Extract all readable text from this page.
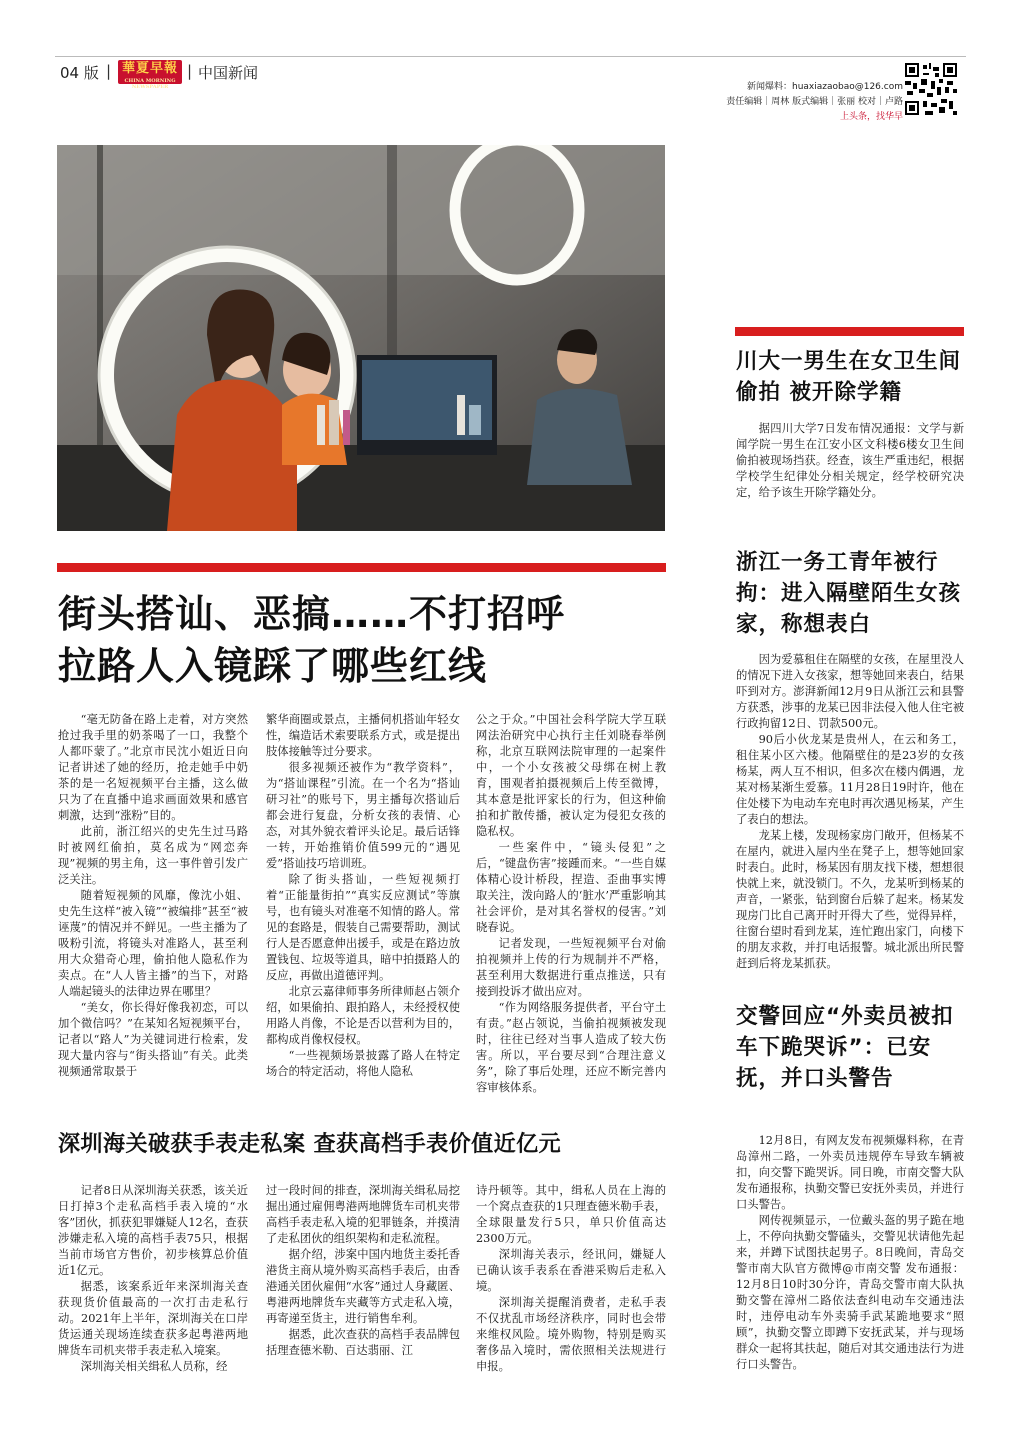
04 版 | 華夏早報
CHINA MORNING NEWSPAPER
| 中国新闻
新闻爆料：huaxiazaobao@126.com
责任编辑｜周林 版式编辑｜张丽 校对｜卢路
上头条，找华早
街头搭讪、恶搞……不打招呼
拉路人入镜踩了哪些红线

“毫无防备在路上走着，对方突然抢过我手里的奶茶喝了一口，我整个人都吓蒙了。”北京市民沈小姐近日向记者讲述了她的经历，抢走她手中奶茶的是一名短视频平台主播，这么做只为了在直播中追求画面效果和感官刺激，达到“涨粉”目的。

此前，浙江绍兴的史先生过马路时被网红偷拍，莫名成为“网恋奔现”视频的男主角，这一事件曾引发广泛关注。

随着短视频的风靡，像沈小姐、史先生这样“被入镜”“被编排”甚至“被诬蔑”的情况并不鲜见。一些主播为了吸粉引流，将镜头对准路人，甚至利用大众猎奇心理，偷拍他人隐私作为卖点。在“人人皆主播”的当下，对路人端起镜头的法律边界在哪里？

“美女，你长得好像我初恋，可以加个微信吗？”在某知名短视频平台，记者以“路人”为关键词进行检索，发现大量内容与“街头搭讪”有关。此类视频通常取景于

繁华商圈或景点，主播伺机搭讪年轻女性，编造话术索要联系方式，或是提出肢体接触等过分要求。

很多视频还被作为“教学资料”，为“搭讪课程”引流。在一个名为“搭讪研习社”的账号下，男主播每次搭讪后都会进行复盘，分析女孩的表情、心态，对其外貌衣着评头论足。最后话锋一转，开始推销价值599元的“遇见爱”搭讪技巧培训班。

除了街头搭讪，一些短视频打着“正能量街拍”“真实反应测试”等旗号，也有镜头对准毫不知情的路人。常见的套路是，假装自己需要帮助，测试行人是否愿意伸出援手，或是在路边放置钱包、垃圾等道具，暗中拍摄路人的反应，再做出道德评判。

北京云嘉律师事务所律师赵占领介绍，如果偷拍、跟拍路人，未经授权使用路人肖像，不论是否以营利为目的，都构成肖像权侵权。

“一些视频场景披露了路人在特定场合的特定活动，将他人隐私

公之于众。”中国社会科学院大学互联网法治研究中心执行主任刘晓春举例称，北京互联网法院审理的一起案件中，一个小女孩被父母绑在树上教育，围观者拍摄视频后上传至微博，其本意是批评家长的行为，但这种偷拍和扩散传播，被认定为侵犯女孩的隐私权。

一些案件中，“镜头侵犯”之后，“键盘伤害”接踵而来。“一些自媒体精心设计桥段，捏造、歪曲事实博取关注，泼向路人的‘脏水’严重影响其社会评价，是对其名誉权的侵害。”刘晓春说。

记者发现，一些短视频平台对偷拍视频并上传的行为规制并不严格，甚至利用大数据进行重点推送，只有接到投诉才做出应对。

“作为网络服务提供者，平台守土有责。”赵占领说，当偷拍视频被发现时，往往已经对当事人造成了较大伤害。所以，平台要尽到“合理注意义务”，除了事后处理，还应不断完善内容审核体系。

深圳海关破获手表走私案 查获高档手表价值近亿元

记者8日从深圳海关获悉，该关近日打掉3个走私高档手表入境的“水客”团伙，抓获犯罪嫌疑人12名，查获涉嫌走私入境的高档手表75只，根据当前市场官方售价，初步核算总价值近1亿元。

据悉，该案系近年来深圳海关查获现货价值最高的一次打击走私行动。2021年上半年，深圳海关在口岸货运通关现场连续查获多起粤港两地牌货车司机夹带手表走私入境案。

深圳海关相关缉私人员称，经

过一段时间的排查，深圳海关缉私局挖掘出通过雇佣粤港两地牌货车司机夹带高档手表走私入境的犯罪链条，并摸清了走私团伙的组织架构和走私流程。

据介绍，涉案中国内地货主委托香港货主商从境外购买高档手表后，由香港通关团伙雇佣“水客”通过人身藏匿、粤港两地牌货车夹藏等方式走私入境，再寄递至货主，进行销售牟利。

据悉，此次查获的高档手表品牌包括理查德米勒、百达翡丽、江

诗丹顿等。其中，缉私人员在上海的一个窝点查获的1只理查德米勒手表，全球限量发行5只，单只价值高达2300万元。

深圳海关表示，经讯问，嫌疑人已确认该手表系在香港采购后走私入境。

深圳海关提醒消费者，走私手表不仅扰乱市场经济秩序，同时也会带来维权风险。境外购物，特别是购买奢侈品入境时，需依照相关法规进行申报。

川大一男生在女卫生间偷拍 被开除学籍

据四川大学7日发布情况通报：文学与新闻学院一男生在江安小区文科楼6楼女卫生间偷拍被现场挡获。经查，该生严重违纪，根据学校学生纪律处分相关规定，经学校研究决定，给予该生开除学籍处分。

浙江一务工青年被行拘：进入隔壁陌生女孩家，称想表白

因为爱慕租住在隔壁的女孩，在屋里没人的情况下进入女孩家，想等她回来表白，结果吓到对方。澎湃新闻12月9日从浙江云和县警方获悉，涉事的龙某已因非法侵入他人住宅被行政拘留12日、罚款500元。

90后小伙龙某是贵州人，在云和务工，租住某小区六楼。他隔壁住的是23岁的女孩杨某，两人互不相识，但多次在楼内偶遇，龙某对杨某渐生爱慕。11月28日19时许，他在住处楼下为电动车充电时再次遇见杨某，产生了表白的想法。

龙某上楼，发现杨家房门敞开，但杨某不在屋内，就进入屋内坐在凳子上，想等她回家时表白。此时，杨某因有朋友找下楼，想想很快就上来，就没锁门。不久，龙某听到杨某的声音，一紧张，钻到窗台后躲了起来。杨某发现房门比自己离开时开得大了些，觉得异样，往窗台望时看到龙某，连忙跑出家门，向楼下的朋友求救，并打电话报警。城北派出所民警赶到后将龙某抓获。

交警回应“外卖员被扣车下跪哭诉”：已安抚，并口头警告

12月8日，有网友发布视频爆料称，在青岛漳州二路，一外卖员违规停车导致车辆被扣，向交警下跪哭诉。同日晚，市南交警大队发布通报称，执勤交警已安抚外卖员，并进行口头警告。

网传视频显示，一位戴头盔的男子跪在地上，不停向执勤交警磕头，交警见状请他先起来，并蹲下试图扶起男子。8日晚间，青岛交警市南大队官方微博@市南交警 发布通报：12月8日10时30分许，青岛交警市南大队执勤交警在漳州二路依法查纠电动车交通违法时，违停电动车外卖骑手武某跪地要求“照顾”，执勤交警立即蹲下安抚武某，并与现场群众一起将其扶起，随后对其交通违法行为进行口头警告。
